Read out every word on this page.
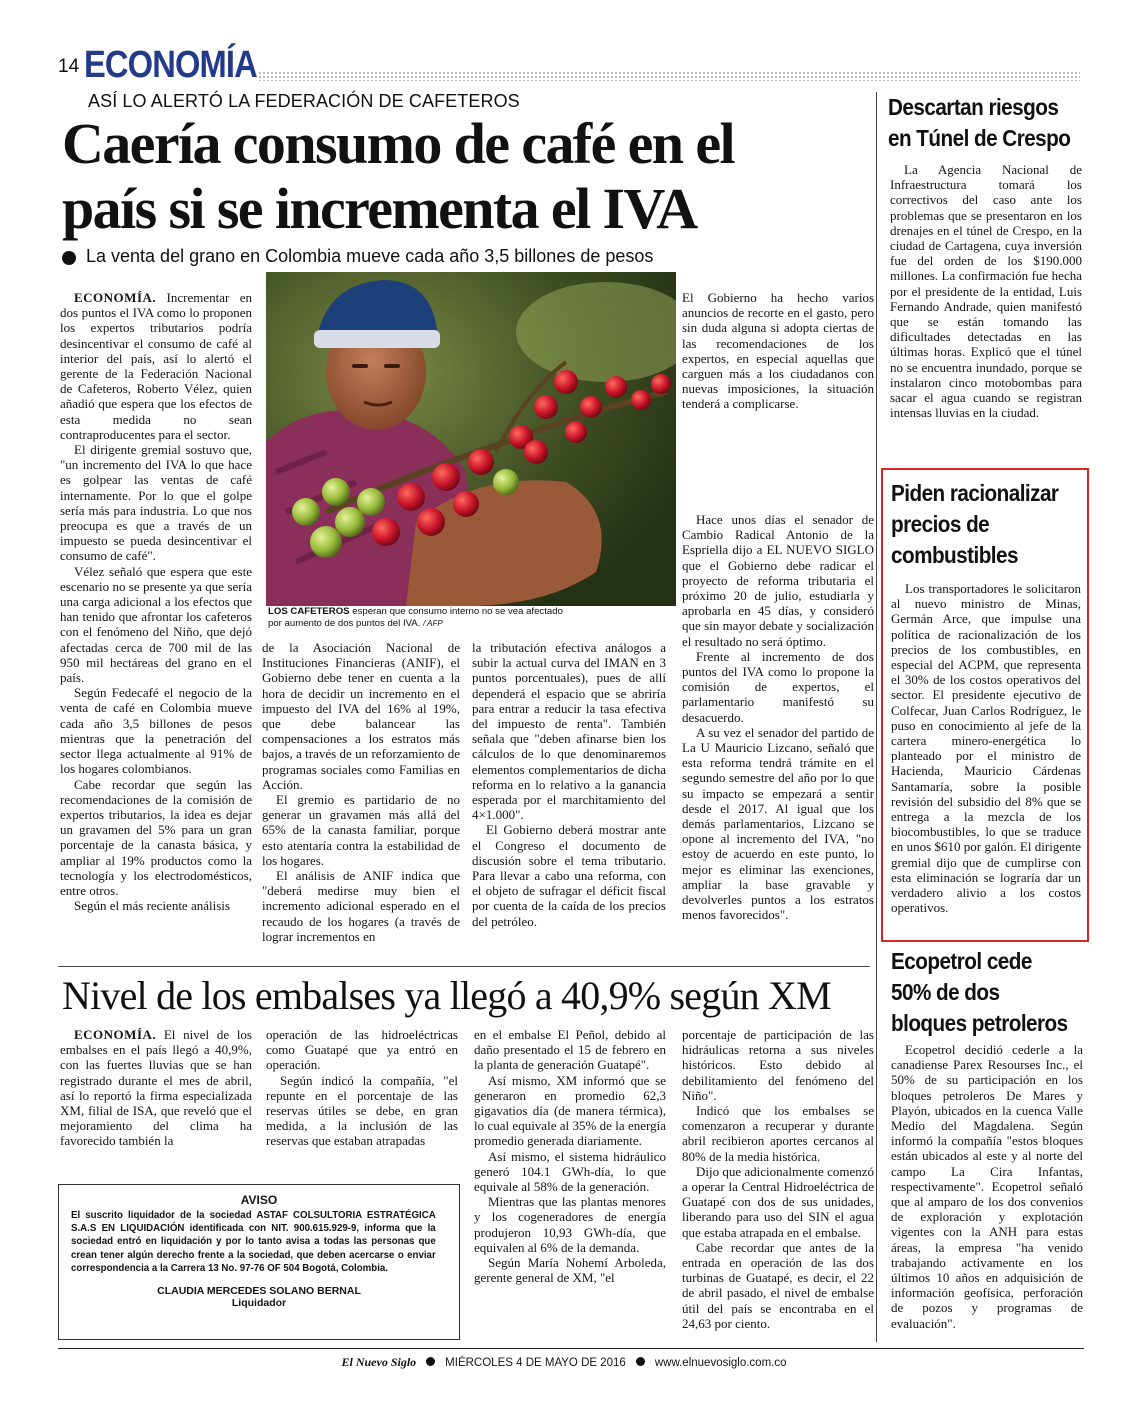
14 ECONOMÍA
ASÍ LO ALERTÓ LA FEDERACIÓN DE CAFETEROS
Caería consumo de café en el
país si se incrementa el IVA
La venta del grano en Colombia mueve cada año 3,5 billones de pesos

ECONOMÍA. Incrementar en dos puntos el IVA como lo proponen los expertos tributarios podría desincentivar el consumo de café al interior del país, así lo alertó el gerente de la Federación Nacional de Cafeteros, Roberto Vélez, quien añadió que espera que los efectos de esta medida no sean contraproducentes para el sector.

El dirigente gremial sostuvo que, "un incremento del IVA lo que hace es golpear las ventas de café internamente. Por lo que el golpe sería más para industria. Lo que nos preocupa es que a través de un impuesto se pueda desincentivar el consumo de café".

Vélez señaló que espera que este escenario no se presente ya que sería una carga adicional a los efectos que han tenido que afrontar los cafeteros con el fenómeno del Niño, que dejó afectadas cerca de 700 mil de las 950 mil hectáreas del grano en el país.

Según Fedecafé el negocio de la venta de café en Colombia mueve cada año 3,5 billones de pesos mientras que la penetración del sector llega actualmente al 91% de los hogares colombianos.

Cabe recordar que según las recomendaciones de la comisión de expertos tributarios, la idea es dejar un gravamen del 5% para un gran porcentaje de la canasta básica, y ampliar al 19% productos como la tecnología y los electrodomésticos, entre otros.

Según el más reciente análisis

LOS CAFETEROS esperan que consumo interno no se vea afectado por aumento de dos puntos del IVA. / AFP

de la Asociación Nacional de Instituciones Financieras (ANIF), el Gobierno debe tener en cuenta a la hora de decidir un incremento en el impuesto del IVA del 16% al 19%, que debe balancear las compensaciones a los estratos más bajos, a través de un reforzamiento de programas sociales como Familias en Acción.

El gremio es partidario de no generar un gravamen más allá del 65% de la canasta familiar, porque esto atentaría contra la estabilidad de los hogares.

El análisis de ANIF indica que "deberá medirse muy bien el incremento adicional esperado en el recaudo de los hogares (a través de lograr incrementos en

la tributación efectiva análogos a subir la actual curva del IMAN en 3 puntos porcentuales), pues de allí dependerá el espacio que se abriría para entrar a reducir la tasa efectiva del impuesto de renta". También señala que "deben afinarse bien los cálculos de lo que denominaremos elementos complementarios de dicha reforma en lo relativo a la ganancia esperada por el marchitamiento del 4×1.000".

El Gobierno deberá mostrar ante el Congreso el documento de discusión sobre el tema tributario. Para llevar a cabo una reforma, con el objeto de sufragar el déficit fiscal por cuenta de la caída de los precios del petróleo.

El Gobierno ha hecho varios anuncios de recorte en el gasto, pero sin duda alguna si adopta ciertas de las recomendaciones de los expertos, en especial aquellas que carguen más a los ciudadanos con nuevas imposiciones, la situación tenderá a complicarse.

Hace unos días el senador de Cambio Radical Antonio de la Espriella dijo a EL NUEVO SIGLO que el Gobierno debe radicar el proyecto de reforma tributaria el próximo 20 de julio, estudiarla y aprobarla en 45 días, y consideró que sin mayor debate y socialización el resultado no será óptimo.

Frente al incremento de dos puntos del IVA como lo propone la comisión de expertos, el parlamentario manifestó su desacuerdo.

A su vez el senador del partido de La U Mauricio Lizcano, señaló que esta reforma tendrá trámite en el segundo semestre del año por lo que su impacto se empezará a sentir desde el 2017. Al igual que los demás parlamentarios, Lizcano se opone al incremento del IVA, "no estoy de acuerdo en este punto, lo mejor es eliminar las exenciones, ampliar la base gravable y devolverles puntos a los estratos menos favorecidos".

Nivel de los embalses ya llegó a 40,9% según XM

ECONOMÍA. El nivel de los embalses en el país llegó a 40,9%, con las fuertes lluvias que se han registrado durante el mes de abril, así lo reportó la firma especializada XM, filial de ISA, que reveló que el mejoramiento del clima ha favorecido también la

operación de las hidroeléctricas como Guatapé que ya entró en operación.

Según indicó la compañía, "el repunte en el porcentaje de las reservas útiles se debe, en gran medida, a la inclusión de las reservas que estaban atrapadas

en el embalse El Peñol, debido al daño presentado el 15 de febrero en la planta de generación Guatapé".

Así mismo, XM informó que se generaron en promedio 62,3 gigavatios día (de manera térmica), lo cual equivale al 35% de la energía promedio generada diariamente.

Así mismo, el sistema hidráulico generó 104.1 GWh-día, lo que equivale al 58% de la generación.

Mientras que las plantas menores y los cogeneradores de energía produjeron 10,93 GWh-día, que equivalen al 6% de la demanda.

Según María Nohemí Arboleda, gerente general de XM, "el

porcentaje de participación de las hidráulicas retorna a sus niveles históricos. Esto debido al debilitamiento del fenómeno del Niño".

Indicó que los embalses se comenzaron a recuperar y durante abril recibieron aportes cercanos al 80% de la media histórica.

Dijo que adicionalmente comenzó a operar la Central Hidroeléctrica de Guatapé con dos de sus unidades, liberando para uso del SIN el agua que estaba atrapada en el embalse.

Cabe recordar que antes de la entrada en operación de las dos turbinas de Guatapé, es decir, el 22 de abril pasado, el nivel de embalse útil del país se encontraba en el 24,63 por ciento.

AVISO
El suscrito liquidador de la sociedad ASTAF COLSULTORIA ESTRATÉGICA S.A.S EN LIQUIDACIÓN identificada con NIT. 900.615.929-9, informa que la sociedad entró en liquidación y por lo tanto avisa a todas las personas que crean tener algún derecho frente a la sociedad, que deben acercarse o enviar correspondencia a la Carrera 13 No. 97-76 OF 504 Bogotá, Colombia.
CLAUDIA MERCEDES SOLANO BERNAL
Liquidador
Descartan riesgos
en Túnel de Crespo

La Agencia Nacional de Infraestructura tomará los correctivos del caso ante los problemas que se presentaron en los drenajes en el túnel de Crespo, en la ciudad de Cartagena, cuya inversión fue del orden de los $190.000 millones. La confirmación fue hecha por el presidente de la entidad, Luis Fernando Andrade, quien manifestó que se están tomando las dificultades detectadas en las últimas horas. Explicó que el túnel no se encuentra inundado, porque se instalaron cinco motobombas para sacar el agua cuando se registran intensas lluvias en la ciudad.

Piden racionalizar
precios de
combustibles

Los transportadores le solicitaron al nuevo ministro de Minas, Germán Arce, que impulse una política de racionalización de los precios de los combustibles, en especial del ACPM, que representa el 30% de los costos operativos del sector. El presidente ejecutivo de Colfecar, Juan Carlos Rodríguez, le puso en conocimiento al jefe de la cartera minero-energética lo planteado por el ministro de Hacienda, Mauricio Cárdenas Santamaría, sobre la posible revisión del subsidio del 8% que se entrega a la mezcla de los biocombustibles, lo que se traduce en unos $610 por galón. El dirigente gremial dijo que de cumplirse con esta eliminación se lograría dar un verdadero alivio a los costos operativos.

Ecopetrol cede
50% de dos
bloques petroleros

Ecopetrol decidió cederle a la canadiense Parex Resourses Inc., el 50% de su participación en los bloques petroleros De Mares y Playón, ubicados en la cuenca Valle Medio del Magdalena. Según informó la compañía "estos bloques están ubicados al este y al norte del campo La Cira Infantas, respectivamente". Ecopetrol señaló que al amparo de los dos convenios de exploración y explotación vigentes con la ANH para estas áreas, la empresa "ha venido trabajando activamente en los últimos 10 años en adquisición de información geofísica, perforación de pozos y programas de evaluación".

El Nuevo Siglo	MIÉRCOLES 4 DE MAYO DE 2016	www.elnuevosiglo.com.co
